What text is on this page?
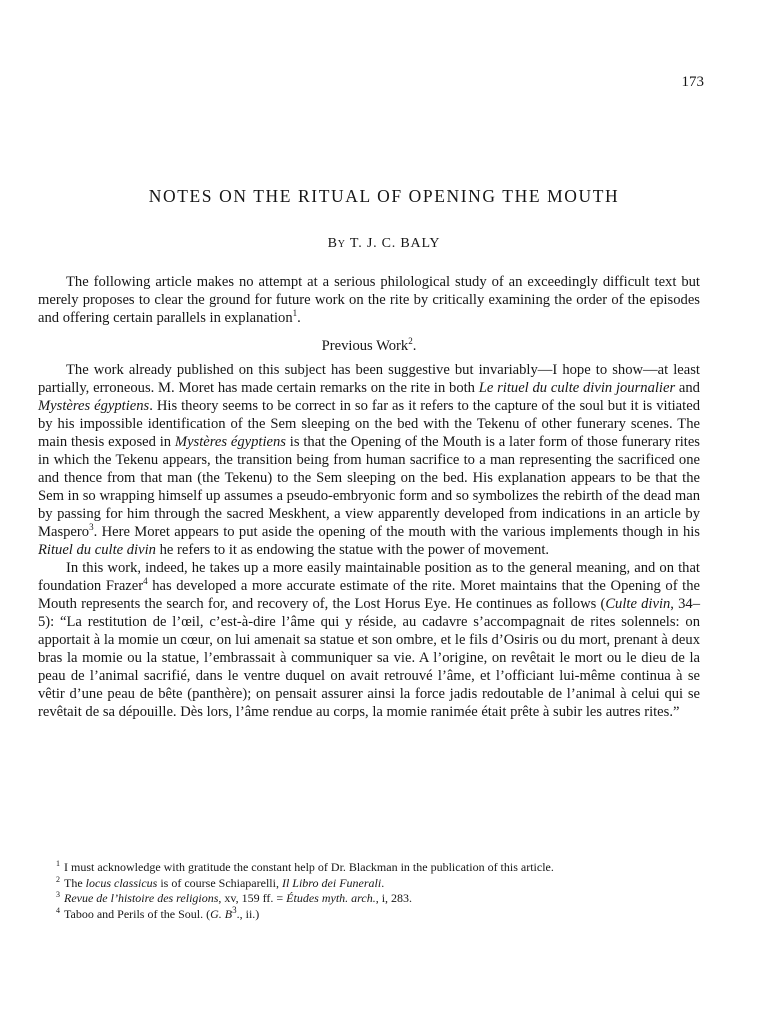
173
NOTES ON THE RITUAL OF OPENING THE MOUTH
By T. J. C. BALY

The following article makes no attempt at a serious philological study of an exceedingly difficult text but merely proposes to clear the ground for future work on the rite by critically examining the order of the episodes and offering certain parallels in explanation$^1$.

Previous Work$^2$.

The work already published on this subject has been suggestive but invariably—I hope to show—at least partially, erroneous. M. Moret has made certain remarks on the rite in both Le rituel du culte divin journalier and Mystères égyptiens. His theory seems to be correct in so far as it refers to the capture of the soul but it is vitiated by his impossible identification of the Sem sleeping on the bed with the Tekenu of other funerary scenes. The main thesis exposed in Mystères égyptiens is that the Opening of the Mouth is a later form of those funerary rites in which the Tekenu appears, the transition being from human sacrifice to a man representing the sacrificed one and thence from that man (the Tekenu) to the Sem sleeping on the bed. His explanation appears to be that the Sem in so wrapping himself up assumes a pseudo-embryonic form and so symbolizes the rebirth of the dead man by passing for him through the sacred Meskhent, a view apparently developed from indications in an article by Maspero$^3$. Here Moret appears to put aside the opening of the mouth with the various implements though in his Rituel du culte divin he refers to it as endowing the statue with the power of movement.

In this work, indeed, he takes up a more easily maintainable position as to the general meaning, and on that foundation Frazer$^4$ has developed a more accurate estimate of the rite. Moret maintains that the Opening of the Mouth represents the search for, and recovery of, the Lost Horus Eye. He continues as follows (Culte divin, 34–5): “La restitution de l’œil, c’est-à-dire l’âme qui y réside, au cadavre s’accompagnait de rites solennels: on apportait à la momie un cœur, on lui amenait sa statue et son ombre, et le fils d’Osiris ou du mort, prenant à deux bras la momie ou la statue, l’embrassait à communiquer sa vie. A l’origine, on revêtait le mort ou le dieu de la peau de l’animal sacrifié, dans le ventre duquel on avait retrouvé l’âme, et l’officiant lui-même continua à se vêtir d’une peau de bête (panthère); on pensait assurer ainsi la force jadis redoutable de l’animal à celui qui se revêtait de sa dépouille. Dès lors, l’âme rendue au corps, la momie ranimée était prête à subir les autres rites.”

$^1$ I must acknowledge with gratitude the constant help of Dr. Blackman in the publication of this article.

$^2$ The locus classicus is of course Schiaparelli, Il Libro dei Funerali.

$^3$ Revue de l’histoire des religions, xv, 159 ff. = Études myth. arch., i, 283.

$^4$ Taboo and Perils of the Soul. (G. $B^3$., ii.)
